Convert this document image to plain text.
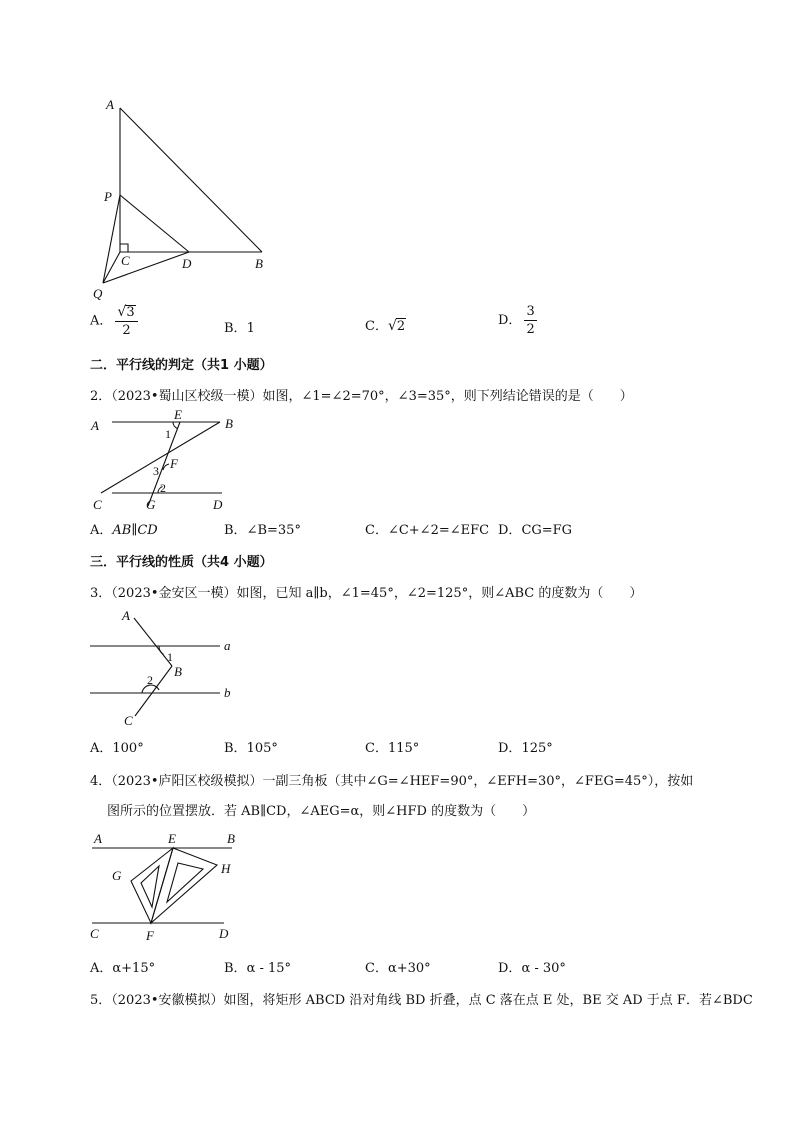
A
P
C	D	B
Q
A． $\frac{√3}{2}$	B．1	C．√2	D． $\frac{3}{2}$
二．平行线的判定（共1 小题）
2．（2023•蜀山区校级一模）如图，∠1=∠2=70°，∠3=35°，则下列结论错误的是（　　）
A
E
B
1
F
3
C	G
2
D
A．AB∥CD	B．∠B=35°	C．∠C+∠2=∠EFC D．CG=FG
三．平行线的性质（共4 小题）
3．（2023•金安区一模）如图，已知 a∥b，∠1=45°，∠2=125°，则∠ABC 的度数为（　　）
A
a
1
B
2
b
C
A．100°	B．105°	C．115°	D．125°
4．（2023•庐阳区校级模拟）一副三角板（其中∠G=∠HEF=90°，∠EFH=30°，∠FEG=45°），按如
图所示的位置摆放．若 AB∥CD，∠AEG=α，则∠HFD 的度数为（　　）
A	E	B
G	H
C	F	D
A．α+15°	B．α - 15°	C．α+30°	D．α - 30°
5．（2023•安徽模拟）如图，将矩形 ABCD 沿对角线 BD 折叠，点 C 落在点 E 处，BE 交 AD 于点 F．若∠BDC
